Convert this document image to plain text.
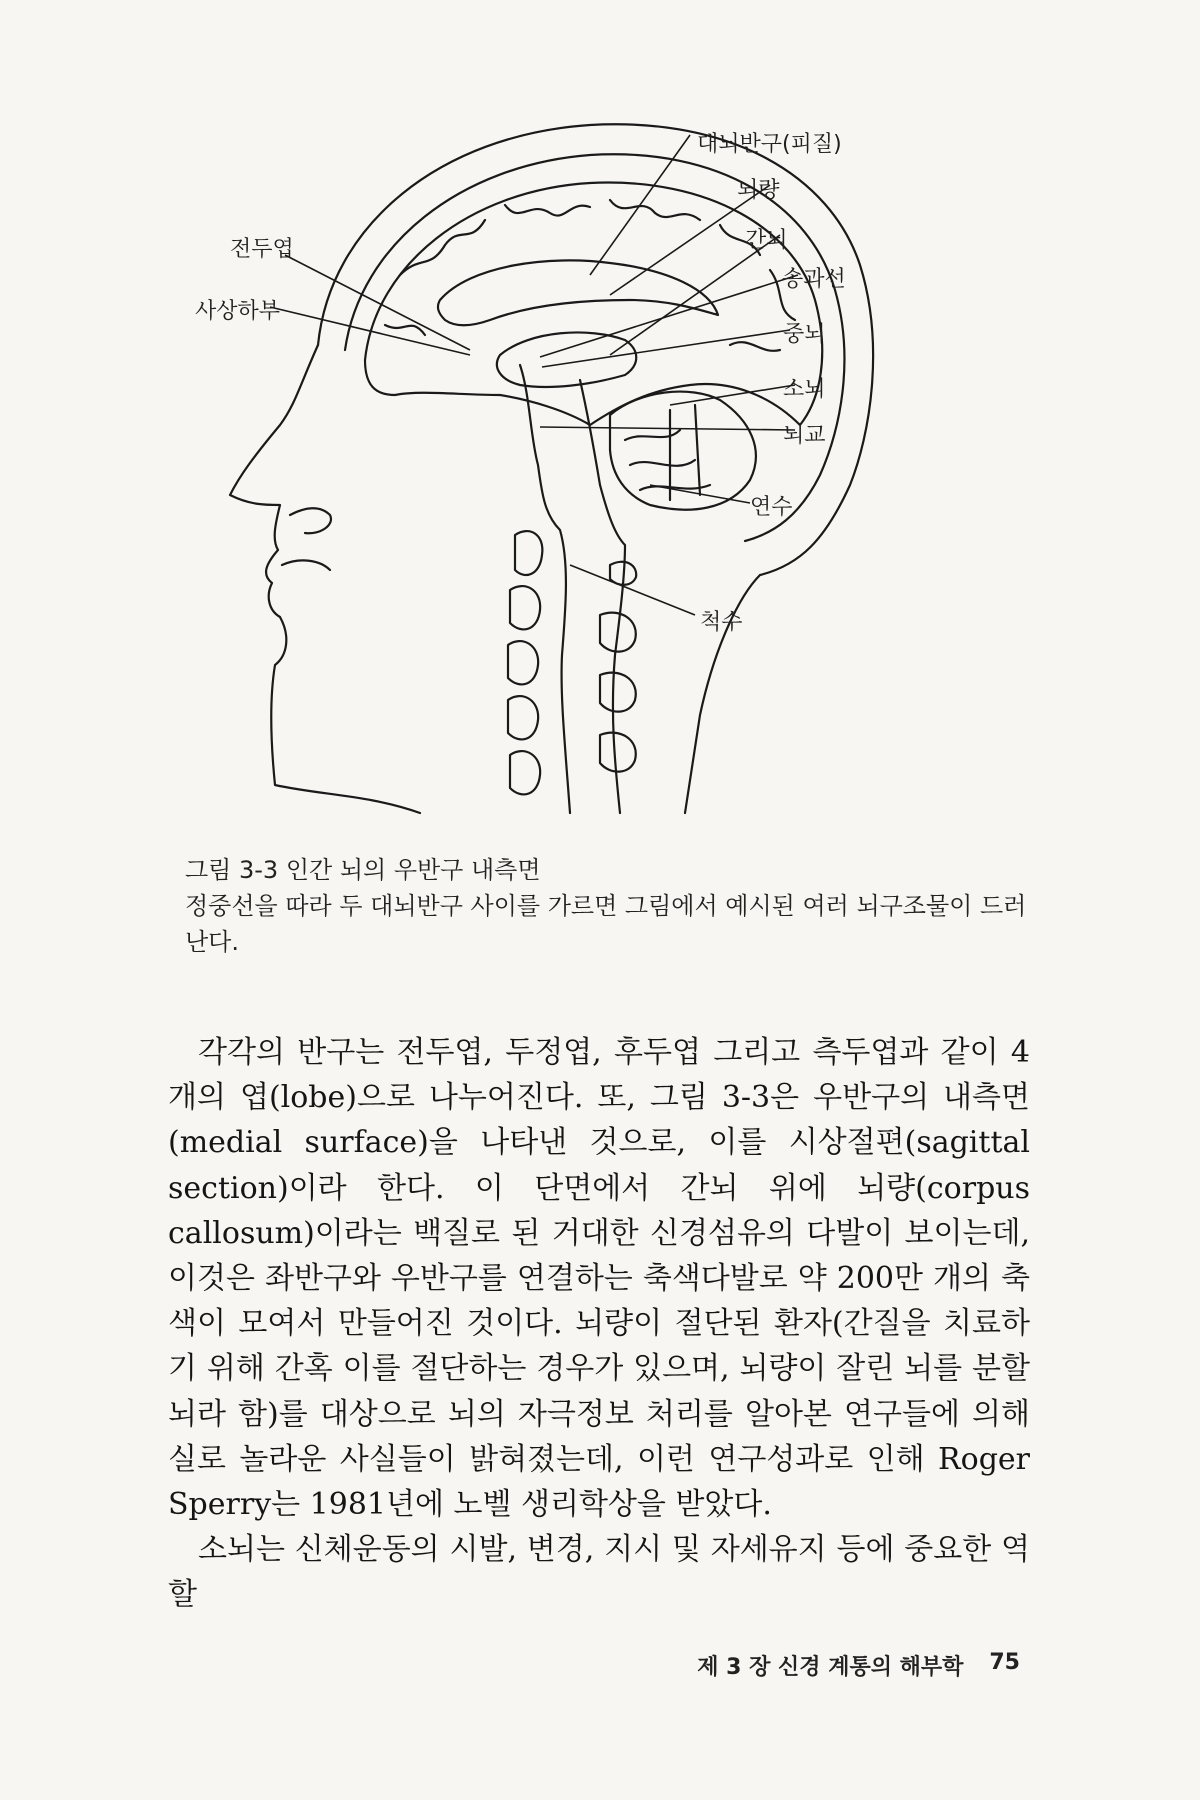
대뇌반구(피질)
뇌량
간뇌
송과선
중뇌
소뇌
뇌교
연수
척수
전두엽
사상하부
그림 3-3 인간 뇌의 우반구 내측면
정중선을 따라 두 대뇌반구 사이를 가르면 그림에서 예시된 여러 뇌구조물이 드러난다.

각각의 반구는 전두엽, 두정엽, 후두엽 그리고 측두엽과 같이 4개의 엽(lobe)으로 나누어진다. 또, 그림 3-3은 우반구의 내측면(medial surface)을 나타낸 것으로, 이를 시상절편(sagittal section)이라 한다. 이 단면에서 간뇌 위에 뇌량(corpus callosum)이라는 백질로 된 거대한 신경섬유의 다발이 보이는데, 이것은 좌반구와 우반구를 연결하는 축색다발로 약 200만 개의 축색이 모여서 만들어진 것이다. 뇌량이 절단된 환자(간질을 치료하기 위해 간혹 이를 절단하는 경우가 있으며, 뇌량이 잘린 뇌를 분할뇌라 함)를 대상으로 뇌의 자극정보 처리를 알아본 연구들에 의해 실로 놀라운 사실들이 밝혀졌는데, 이런 연구성과로 인해 Roger Sperry는 1981년에 노벨 생리학상을 받았다.

소뇌는 신체운동의 시발, 변경, 지시 및 자세유지 등에 중요한 역할

제 3 장 신경 계통의 해부학 75
